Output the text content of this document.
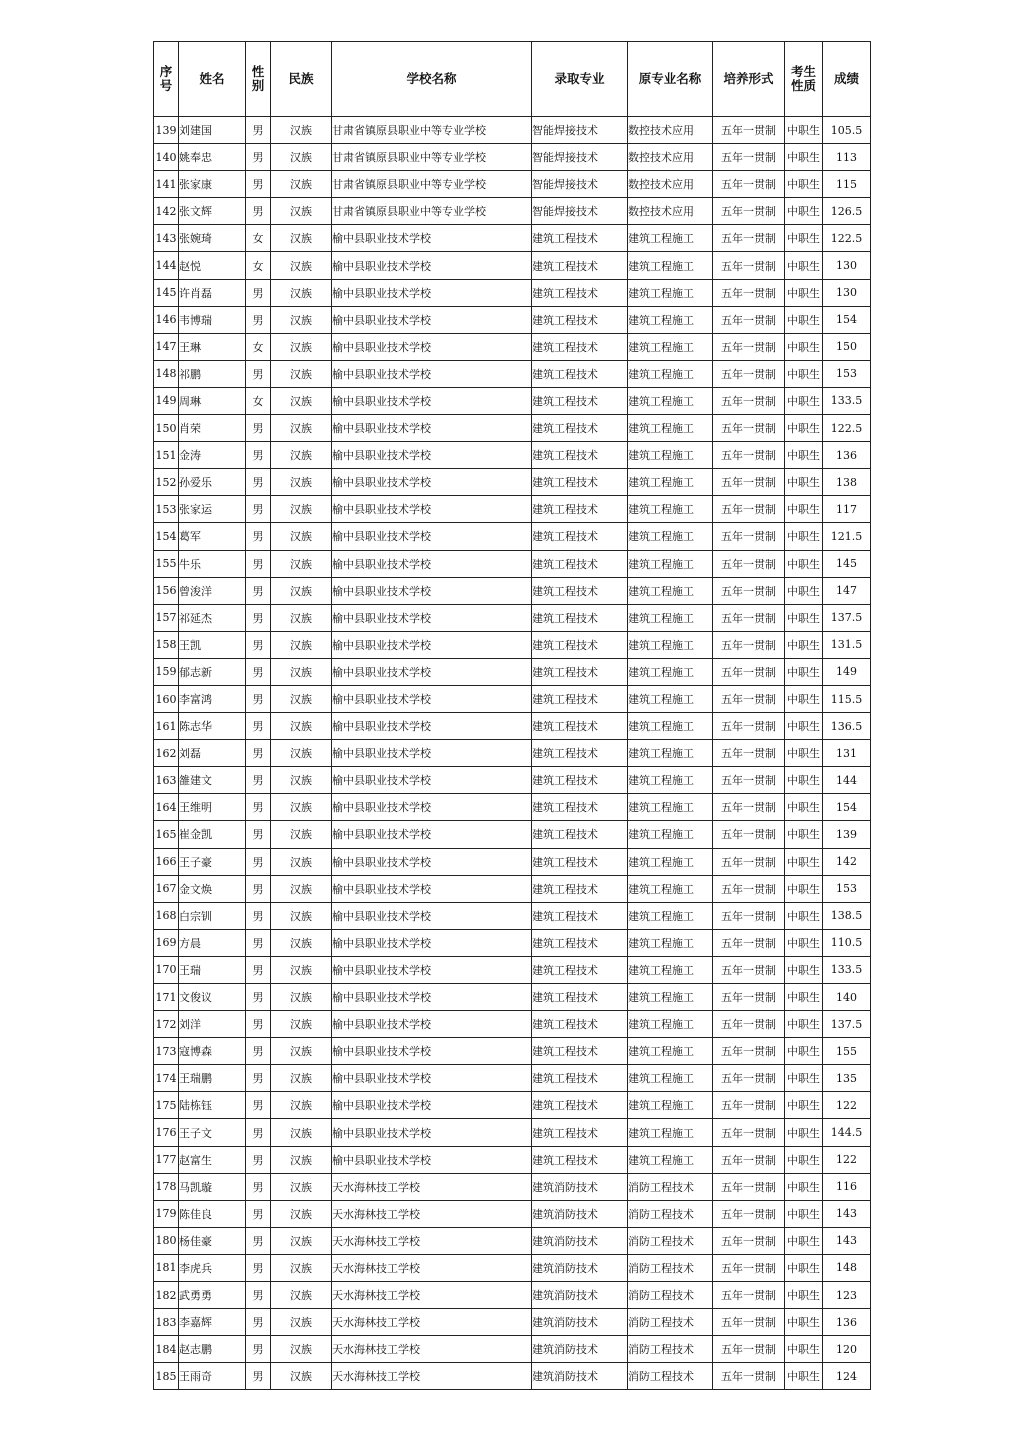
序号	姓名	性别	民族	学校名称	录取专业	原专业名称	培养形式	考生性质	成绩
139	刘建国	男	汉族	甘肃省镇原县职业中等专业学校	智能焊接技术	数控技术应用	五年一贯制	中职生	105.5
140	姚奉忠	男	汉族	甘肃省镇原县职业中等专业学校	智能焊接技术	数控技术应用	五年一贯制	中职生	113
141	张家康	男	汉族	甘肃省镇原县职业中等专业学校	智能焊接技术	数控技术应用	五年一贯制	中职生	115
142	张文辉	男	汉族	甘肃省镇原县职业中等专业学校	智能焊接技术	数控技术应用	五年一贯制	中职生	126.5
143	张婉琦	女	汉族	榆中县职业技术学校	建筑工程技术	建筑工程施工	五年一贯制	中职生	122.5
144	赵悦	女	汉族	榆中县职业技术学校	建筑工程技术	建筑工程施工	五年一贯制	中职生	130
145	许肖磊	男	汉族	榆中县职业技术学校	建筑工程技术	建筑工程施工	五年一贯制	中职生	130
146	韦博瑞	男	汉族	榆中县职业技术学校	建筑工程技术	建筑工程施工	五年一贯制	中职生	154
147	王琳	女	汉族	榆中县职业技术学校	建筑工程技术	建筑工程施工	五年一贯制	中职生	150
148	祁鹏	男	汉族	榆中县职业技术学校	建筑工程技术	建筑工程施工	五年一贯制	中职生	153
149	周琳	女	汉族	榆中县职业技术学校	建筑工程技术	建筑工程施工	五年一贯制	中职生	133.5
150	肖荣	男	汉族	榆中县职业技术学校	建筑工程技术	建筑工程施工	五年一贯制	中职生	122.5
151	金涛	男	汉族	榆中县职业技术学校	建筑工程技术	建筑工程施工	五年一贯制	中职生	136
152	孙爱乐	男	汉族	榆中县职业技术学校	建筑工程技术	建筑工程施工	五年一贯制	中职生	138
153	张家运	男	汉族	榆中县职业技术学校	建筑工程技术	建筑工程施工	五年一贯制	中职生	117
154	葛军	男	汉族	榆中县职业技术学校	建筑工程技术	建筑工程施工	五年一贯制	中职生	121.5
155	牛乐	男	汉族	榆中县职业技术学校	建筑工程技术	建筑工程施工	五年一贯制	中职生	145
156	曾浚洋	男	汉族	榆中县职业技术学校	建筑工程技术	建筑工程施工	五年一贯制	中职生	147
157	祁延杰	男	汉族	榆中县职业技术学校	建筑工程技术	建筑工程施工	五年一贯制	中职生	137.5
158	王凯	男	汉族	榆中县职业技术学校	建筑工程技术	建筑工程施工	五年一贯制	中职生	131.5
159	郁志新	男	汉族	榆中县职业技术学校	建筑工程技术	建筑工程施工	五年一贯制	中职生	149
160	李富鸿	男	汉族	榆中县职业技术学校	建筑工程技术	建筑工程施工	五年一贯制	中职生	115.5
161	陈志华	男	汉族	榆中县职业技术学校	建筑工程技术	建筑工程施工	五年一贯制	中职生	136.5
162	刘磊	男	汉族	榆中县职业技术学校	建筑工程技术	建筑工程施工	五年一贯制	中职生	131
163	雒建文	男	汉族	榆中县职业技术学校	建筑工程技术	建筑工程施工	五年一贯制	中职生	144
164	王维明	男	汉族	榆中县职业技术学校	建筑工程技术	建筑工程施工	五年一贯制	中职生	154
165	崔金凯	男	汉族	榆中县职业技术学校	建筑工程技术	建筑工程施工	五年一贯制	中职生	139
166	王子豪	男	汉族	榆中县职业技术学校	建筑工程技术	建筑工程施工	五年一贯制	中职生	142
167	金文焕	男	汉族	榆中县职业技术学校	建筑工程技术	建筑工程施工	五年一贯制	中职生	153
168	白宗钏	男	汉族	榆中县职业技术学校	建筑工程技术	建筑工程施工	五年一贯制	中职生	138.5
169	方晨	男	汉族	榆中县职业技术学校	建筑工程技术	建筑工程施工	五年一贯制	中职生	110.5
170	王瑞	男	汉族	榆中县职业技术学校	建筑工程技术	建筑工程施工	五年一贯制	中职生	133.5
171	文俊议	男	汉族	榆中县职业技术学校	建筑工程技术	建筑工程施工	五年一贯制	中职生	140
172	刘洋	男	汉族	榆中县职业技术学校	建筑工程技术	建筑工程施工	五年一贯制	中职生	137.5
173	寇博森	男	汉族	榆中县职业技术学校	建筑工程技术	建筑工程施工	五年一贯制	中职生	155
174	王瑞鹏	男	汉族	榆中县职业技术学校	建筑工程技术	建筑工程施工	五年一贯制	中职生	135
175	陆栋钰	男	汉族	榆中县职业技术学校	建筑工程技术	建筑工程施工	五年一贯制	中职生	122
176	王子文	男	汉族	榆中县职业技术学校	建筑工程技术	建筑工程施工	五年一贯制	中职生	144.5
177	赵富生	男	汉族	榆中县职业技术学校	建筑工程技术	建筑工程施工	五年一贯制	中职生	122
178	马凯璇	男	汉族	天水海林技工学校	建筑消防技术	消防工程技术	五年一贯制	中职生	116
179	陈佳良	男	汉族	天水海林技工学校	建筑消防技术	消防工程技术	五年一贯制	中职生	143
180	杨佳豪	男	汉族	天水海林技工学校	建筑消防技术	消防工程技术	五年一贯制	中职生	143
181	李虎兵	男	汉族	天水海林技工学校	建筑消防技术	消防工程技术	五年一贯制	中职生	148
182	武勇勇	男	汉族	天水海林技工学校	建筑消防技术	消防工程技术	五年一贯制	中职生	123
183	李嘉辉	男	汉族	天水海林技工学校	建筑消防技术	消防工程技术	五年一贯制	中职生	136
184	赵志鹏	男	汉族	天水海林技工学校	建筑消防技术	消防工程技术	五年一贯制	中职生	120
185	王雨奇	男	汉族	天水海林技工学校	建筑消防技术	消防工程技术	五年一贯制	中职生	124
